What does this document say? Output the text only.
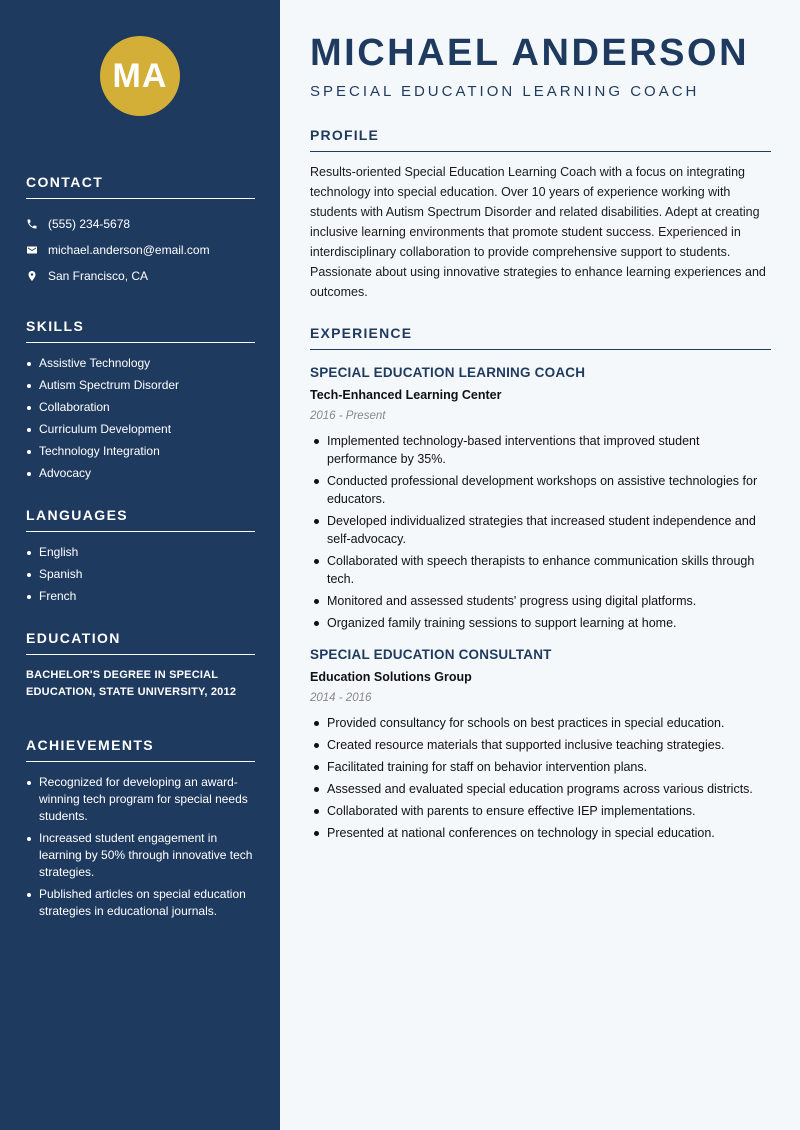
MA
CONTACT
(555) 234-5678
michael.anderson@email.com
San Francisco, CA
SKILLS
Assistive Technology
Autism Spectrum Disorder
Collaboration
Curriculum Development
Technology Integration
Advocacy
LANGUAGES
English
Spanish
French
EDUCATION
BACHELOR'S DEGREE IN SPECIAL EDUCATION, STATE UNIVERSITY, 2012
ACHIEVEMENTS
Recognized for developing an award-winning tech program for special needs students.
Increased student engagement in learning by 50% through innovative tech strategies.
Published articles on special education strategies in educational journals.
MICHAEL ANDERSON
SPECIAL EDUCATION LEARNING COACH
PROFILE

Results-oriented Special Education Learning Coach with a focus on integrating technology into special education. Over 10 years of experience working with students with Autism Spectrum Disorder and related disabilities. Adept at creating inclusive learning environments that promote student success. Experienced in interdisciplinary collaboration to provide comprehensive support to students. Passionate about using innovative strategies to enhance learning experiences and outcomes.

EXPERIENCE
SPECIAL EDUCATION LEARNING COACH
Tech-Enhanced Learning Center
2016 - Present
Implemented technology-based interventions that improved student performance by 35%.
Conducted professional development workshops on assistive technologies for educators.
Developed individualized strategies that increased student independence and self-advocacy.
Collaborated with speech therapists to enhance communication skills through tech.
Monitored and assessed students' progress using digital platforms.
Organized family training sessions to support learning at home.
SPECIAL EDUCATION CONSULTANT
Education Solutions Group
2014 - 2016
Provided consultancy for schools on best practices in special education.
Created resource materials that supported inclusive teaching strategies.
Facilitated training for staff on behavior intervention plans.
Assessed and evaluated special education programs across various districts.
Collaborated with parents to ensure effective IEP implementations.
Presented at national conferences on technology in special education.
